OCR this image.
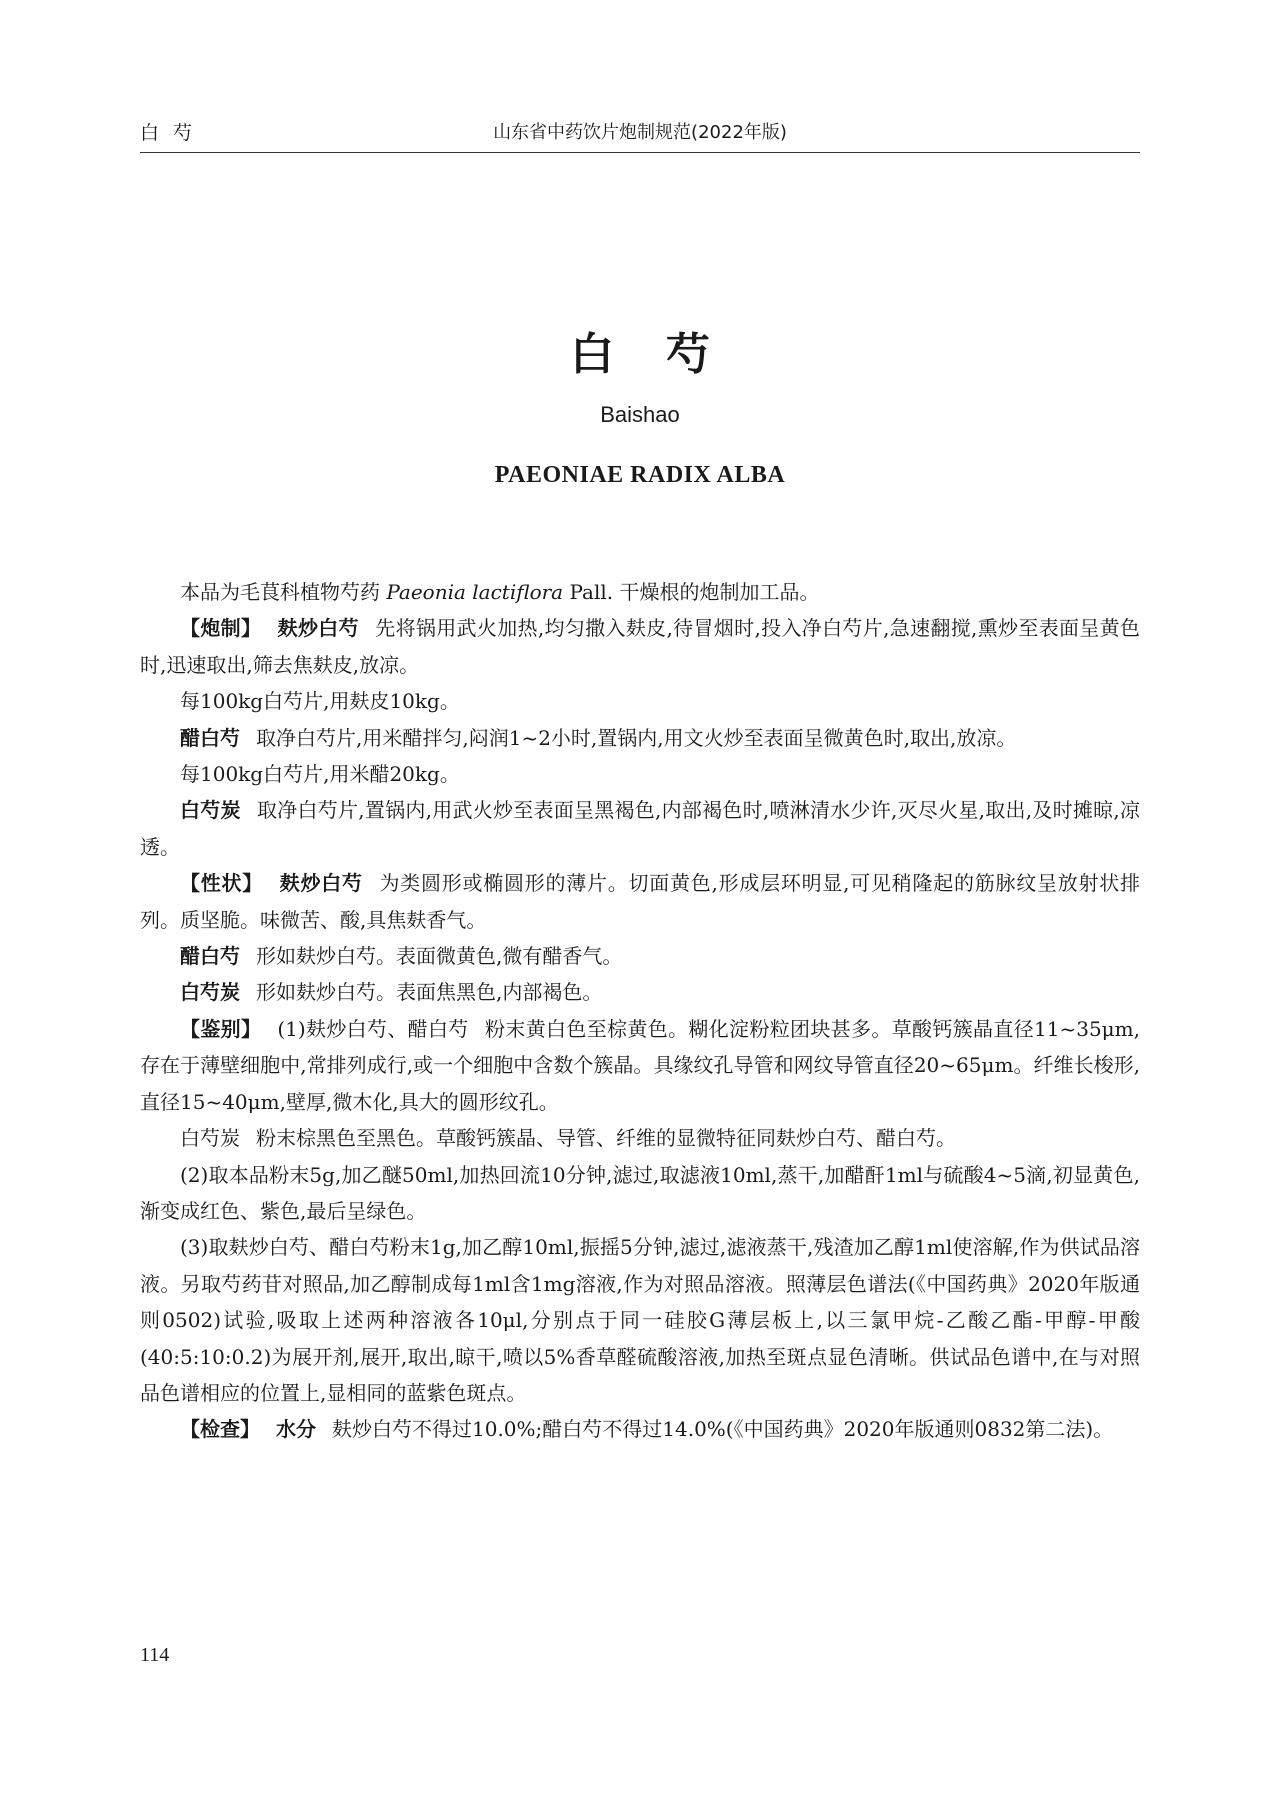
白芍	山东省中药饮片炮制规范(2022年版)
白芍
Baishao
PAEONIAE RADIX ALBA

本品为毛茛科植物芍药 Paeonia lactiflora Pall. 干燥根的炮制加工品。

【炮制】 麸炒白芍 先将锅用武火加热,均匀撒入麸皮,待冒烟时,投入净白芍片,急速翻搅,熏炒至表面呈黄色时,迅速取出,筛去焦麸皮,放凉。

每100kg白芍片,用麸皮10kg。

醋白芍 取净白芍片,用米醋拌匀,闷润1~2小时,置锅内,用文火炒至表面呈微黄色时,取出,放凉。

每100kg白芍片,用米醋20kg。

白芍炭 取净白芍片,置锅内,用武火炒至表面呈黑褐色,内部褐色时,喷淋清水少许,灭尽火星,取出,及时摊晾,凉透。

【性状】 麸炒白芍 为类圆形或椭圆形的薄片。切面黄色,形成层环明显,可见稍隆起的筋脉纹呈放射状排列。质坚脆。味微苦、酸,具焦麸香气。

醋白芍 形如麸炒白芍。表面微黄色,微有醋香气。

白芍炭 形如麸炒白芍。表面焦黑色,内部褐色。

【鉴别】 (1)麸炒白芍、醋白芍 粉末黄白色至棕黄色。糊化淀粉粒团块甚多。草酸钙簇晶直径11~35μm,存在于薄壁细胞中,常排列成行,或一个细胞中含数个簇晶。具缘纹孔导管和网纹导管直径20~65μm。纤维长梭形,直径15~40μm,壁厚,微木化,具大的圆形纹孔。

白芍炭 粉末棕黑色至黑色。草酸钙簇晶、导管、纤维的显微特征同麸炒白芍、醋白芍。

(2)取本品粉末5g,加乙醚50ml,加热回流10分钟,滤过,取滤液10ml,蒸干,加醋酐1ml与硫酸4~5滴,初显黄色,渐变成红色、紫色,最后呈绿色。

(3)取麸炒白芍、醋白芍粉末1g,加乙醇10ml,振摇5分钟,滤过,滤液蒸干,残渣加乙醇1ml使溶解,作为供试品溶液。另取芍药苷对照品,加乙醇制成每1ml含1mg溶液,作为对照品溶液。照薄层色谱法(《中国药典》2020年版通则0502)试验,吸取上述两种溶液各10μl,分别点于同一硅胶G薄层板上,以三氯甲烷-乙酸乙酯-甲醇-甲酸(40:5:10:0.2)为展开剂,展开,取出,晾干,喷以5%香草醛硫酸溶液,加热至斑点显色清晰。供试品色谱中,在与对照品色谱相应的位置上,显相同的蓝紫色斑点。

【检查】 水分 麸炒白芍不得过10.0%;醋白芍不得过14.0%(《中国药典》2020年版通则0832第二法)。

114
